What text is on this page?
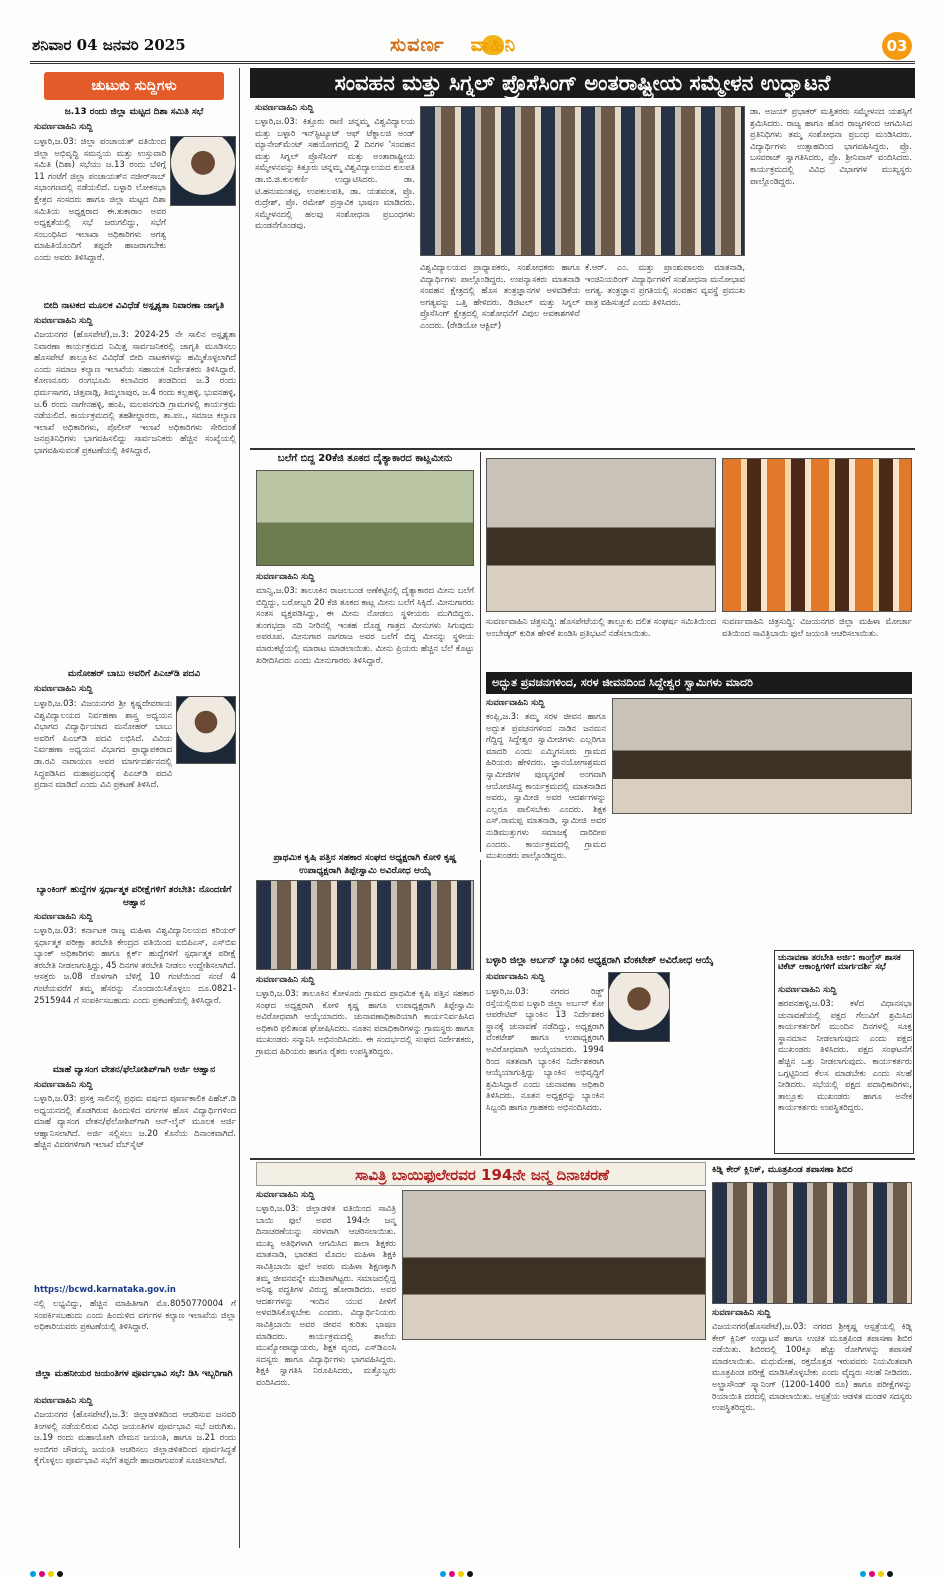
ಶನಿವಾರ 04 ಜನವರಿ 2025	ಸುವರ್ಣ ವಾಹಿನಿ	03
ಚುಟುಕು ಸುದ್ದಿಗಳು
ಜ.13 ರಂದು ಜಿಲ್ಲಾ ಮಟ್ಟದ ದಿಶಾ ಸಮಿತಿ ಸಭೆ
ಸುವರ್ಣವಾಹಿನಿ ಸುದ್ದಿ
ಬಳ್ಳಾರಿ,ಜ.03: ಜಿಲ್ಲಾ ಪಂಚಾಯತ್ ವತಿಯಿಂದ ಜಿಲ್ಲಾ ಅಭಿವೃದ್ಧಿ ಸಮನ್ವಯ ಮತ್ತು ಉಸ್ತುವಾರಿ ಸಮಿತಿ (ದಿಶಾ) ಸಭೆಯು ಜ.13 ರಂದು ಬೆಳಿಗ್ಗೆ 11 ಗಂಟೆಗೆ ಜಿಲ್ಲಾ ಪಂಚಾಯತ್‌ನ ನಜೀರ್‌ಸಾಬ್ ಸಭಾಂಗಣದಲ್ಲಿ ನಡೆಯಲಿದೆ. ಬಳ್ಳಾರಿ ಲೋಕಸಭಾ ಕ್ಷೇತ್ರದ ಸಂಸದರು ಹಾಗೂ ಜಿಲ್ಲಾ ಮಟ್ಟದ ದಿಶಾ ಸಮಿತಿಯ ಅಧ್ಯಕ್ಷರಾದ ಈ.ತುಕಾರಾಂ ಅವರ ಅಧ್ಯಕ್ಷತೆಯಲ್ಲಿ ಸಭೆ ಜರುಗಲಿದ್ದು, ಸಭೆಗೆ ಸಂಬಂಧಿಸಿದ ಇಲಾಖಾ ಅಧಿಕಾರಿಗಳು ಅಗತ್ಯ ಮಾಹಿತಿಯೊಂದಿಗೆ ತಪ್ಪದೇ ಹಾಜರಾಗಬೇಕು ಎಂದು ಅವರು ತಿಳಿಸಿದ್ದಾರೆ.
ಬೀದಿ ನಾಟಕದ ಮೂಲಕ ವಿವಿಧೆಡೆ ಅಸ್ಪೃಶ್ಯತಾ ನಿವಾರಣಾ ಜಾಗೃತಿ
ಸುವರ್ಣವಾಹಿನಿ ಸುದ್ದಿ
ವಿಜಯನಗರ (ಹೊಸಪೇಟೆ),ಜ.3: 2024-25 ನೇ ಸಾಲಿನ ಅಸ್ಪೃಶ್ಯತಾ ನಿವಾರಣಾ ಕಾರ್ಯಕ್ರಮದ ನಿಮಿತ್ತ ಸಾರ್ವಜನಿಕರಲ್ಲಿ ಜಾಗೃತಿ ಮೂಡಿಸಲು ಹೊಸಪೇಟೆ ತಾಲ್ಲೂಕಿನ ವಿವಿಧೆಡೆ ಬೀದಿ ನಾಟಕಗಳನ್ನು ಹಮ್ಮಿಕೊಳ್ಳಲಾಗಿದೆ ಎಂದು ಸಮಾಜ ಕಲ್ಯಾಣ ಇಲಾಖೆಯ ಸಹಾಯಕ ನಿರ್ದೇಶಕರು ತಿಳಿಸಿದ್ದಾರೆ. ಕೋಣನೂರು ರಂಗಭೂಮಿ ಕಲಾವಿದರ ತಂಡದಿಂದ ಜ.3 ರಂದು ಧರ್ಮಸಾಗರ, ಚಿತ್ತವಾಡ್ಗಿ, ತಿಮ್ಮಲಾಪುರ, ಜ.4 ರಂದು ಕಲ್ಲಹಳ್ಳಿ, ಭುವನಹಳ್ಳಿ, ಜ.6 ರಂದು ನಾಗೇನಹಳ್ಳಿ, ಹಂಪಿ, ಮಲಪನಗುಡಿ ಗ್ರಾಮಗಳಲ್ಲಿ ಕಾರ್ಯಕ್ರಮ ನಡೆಯಲಿದೆ. ಕಾರ್ಯಕ್ರಮದಲ್ಲಿ ತಹಶೀಲ್ದಾರರು, ತಾ.ಪಂ., ಸಮಾಜ ಕಲ್ಯಾಣ ಇಲಾಖೆ ಅಧಿಕಾರಿಗಳು, ಪೊಲೀಸ್ ಇಲಾಖೆ ಅಧಿಕಾರಿಗಳು ಸೇರಿದಂತೆ ಜನಪ್ರತಿನಿಧಿಗಳು ಭಾಗವಹಿಸಲಿದ್ದು ಸಾರ್ವಜನಿಕರು ಹೆಚ್ಚಿನ ಸಂಖ್ಯೆಯಲ್ಲಿ ಭಾಗವಹಿಸುವಂತೆ ಪ್ರಕಟಣೆಯಲ್ಲಿ ತಿಳಿಸಿದ್ದಾರೆ.
ಮನೋಹರ್ ಬಾಬು ಅವರಿಗೆ ಪಿಎಚ್‌ಡಿ ಪದವಿ
ಸುವರ್ಣವಾಹಿನಿ ಸುದ್ದಿ
ಬಳ್ಳಾರಿ,ಜ.03: ವಿಜಯನಗರ ಶ್ರೀ ಕೃಷ್ಣದೇವರಾಯ ವಿಶ್ವವಿದ್ಯಾಲಯದ ನಿರ್ವಹಣಾ ಶಾಸ್ತ್ರ ಅಧ್ಯಯನ ವಿಭಾಗದ ವಿದ್ಯಾರ್ಥಿಯಾದ ಮನೋಹರ್ ಬಾಬು ಅವರಿಗೆ ಪಿಎಚ್‌ಡಿ ಪದವಿ ಲಭಿಸಿದೆ. ವಿವಿಯ ನಿರ್ವಹಣಾ ಅಧ್ಯಯನ ವಿಭಾಗದ ಪ್ರಾಧ್ಯಾಪಕರಾದ ಡಾ.ರವಿ ನಾರಾಯಣ ಅವರ ಮಾರ್ಗದರ್ಶನದಲ್ಲಿ ಸಿದ್ಧಪಡಿಸಿದ ಮಹಾಪ್ರಬಂಧಕ್ಕೆ ಪಿಎಚ್‌ಡಿ ಪದವಿ ಪ್ರದಾನ ಮಾಡಿದೆ ಎಂದು ವಿವಿ ಪ್ರಕಟಣೆ ತಿಳಿಸಿದೆ.
ಬ್ಯಾಂಕಿಂಗ್ ಹುದ್ದೆಗಳ ಸ್ಪರ್ಧಾತ್ಮಕ ಪರೀಕ್ಷೆಗಳಿಗೆ ತರಬೇತಿ: ನೊಂದಣಿಗೆ ಆಹ್ವಾನ
ಸುವರ್ಣವಾಹಿನಿ ಸುದ್ದಿ
ಬಳ್ಳಾರಿ,ಜ.03: ಕರ್ನಾಟಕ ರಾಜ್ಯ ಮಹಿಳಾ ವಿಶ್ವವಿದ್ಯಾನಿಲಯದ ಕರಿಯರ್ ಸ್ಪರ್ಧಾತ್ಮಕ ಪರೀಕ್ಷಾ ತರಬೇತಿ ಕೇಂದ್ರದ ವತಿಯಿಂದ ಐಬಿಪಿಎಸ್, ಎಸ್‌ಬಿಐ ಬ್ಯಾಂಕ್ ಅಧಿಕಾರಿಗಳು ಹಾಗೂ ಕ್ಲರ್ಕ್ ಹುದ್ದೆಗಳಿಗೆ ಸ್ಪರ್ಧಾತ್ಮಕ ಪರೀಕ್ಷೆ ತರಬೇತಿ ನೀಡಲಾಗುತ್ತಿದ್ದು, 45 ದಿನಗಳ ತರಬೇತಿ ನೀಡಲು ಉದ್ದೇಶಿಸಲಾಗಿದೆ. ಆಸಕ್ತರು ಜ.08 ರೊಳಗಾಗಿ ಬೆಳಿಗ್ಗೆ 10 ಗಂಟೆಯಿಂದ ಸಂಜೆ 4 ಗಂಟೆಯವರೆಗೆ ತಮ್ಮ ಹೆಸರನ್ನು ನೊಂದಾಯಿಸಿಕೊಳ್ಳಲು ದೂ.0821-2515944 ಗೆ ಸಂಪರ್ಕಿಸಬಹುದು ಎಂದು ಪ್ರಕಟಣೆಯಲ್ಲಿ ತಿಳಿಸಿದ್ದಾರೆ.
ಮಾಹೆ ವ್ಯಾಸಂಗ ವೇತನ/ಫೆಲೋಶಿಪ್‌ಗಾಗಿ ಅರ್ಜಿ ಆಹ್ವಾನ
ಸುವರ್ಣವಾಹಿನಿ ಸುದ್ದಿ
ಬಳ್ಳಾರಿ,ಜ.03: ಪ್ರಸಕ್ತ ಸಾಲಿನಲ್ಲಿ ಪ್ರಥಮ ವರ್ಷದ ಪೂರ್ಣಕಾಲಿಕ ಪಿಹೆಚ್.ಡಿ ಅಧ್ಯಯನದಲ್ಲಿ ತೊಡಗಿರುವ ಹಿಂದುಳಿದ ವರ್ಗಗಳ ಹೊಸ ವಿದ್ಯಾರ್ಥಿಗಳಿಂದ ಮಾಹೆ ವ್ಯಾಸಂಗ ವೇತನ/ಫೆಲೋಶಿಪ್‌ಗಾಗಿ ಆನ್-ಲೈನ್ ಮೂಲಕ ಅರ್ಜಿ ಆಹ್ವಾನಿಸಲಾಗಿದೆ. ಅರ್ಜಿ ಸಲ್ಲಿಸಲು ಜ.20 ಕೊನೆಯ ದಿನಾಂಕವಾಗಿದೆ. ಹೆಚ್ಚಿನ ವಿವರಗಳಿಗಾಗಿ ಇಲಾಖೆ ವೆಬ್‌ಸೈಟ್
https://bcwd.karnataka.gov.in
ನಲ್ಲಿ ಲಭ್ಯವಿದ್ದು, ಹೆಚ್ಚಿನ ಮಾಹಿತಿಗಾಗಿ ಮೊ.8050770004 ಗೆ ಸಂಪರ್ಕಿಸಬಹುದು ಎಂದು ಹಿಂದುಳಿದ ವರ್ಗಗಳ ಕಲ್ಯಾಣ ಇಲಾಖೆಯ ಜಿಲ್ಲಾ ಅಧಿಕಾರಿಯವರು ಪ್ರಕಟಣೆಯಲ್ಲಿ ತಿಳಿಸಿದ್ದಾರೆ.
ಜಿಲ್ಲಾ ಮಹನೀಯರ ಜಯಂತಿಗಳ ಪೂರ್ವಭಾವಿ ಸಭೆ: ಡಿಸಿ ಇಬ್ಬರಿಗಾಗಿ
ಸುವರ್ಣವಾಹಿನಿ ಸುದ್ದಿ
ವಿಜಯನಗರ (ಹೊಸಪೇಟೆ),ಜ.3: ಜಿಲ್ಲಾಡಳಿತದಿಂದ ಆಚರಿಸುವ ಜನವರಿ ತಿಂಗಳಲ್ಲಿ ನಡೆಯಲಿರುವ ವಿವಿಧ ಜಯಂತಿಗಳ ಪೂರ್ವಭಾವಿ ಸಭೆ ಜರುಗಿತು. ಜ.19 ರಂದು ಮಹಾಯೋಗಿ ವೇಮನ ಜಯಂತಿ, ಹಾಗೂ ಜ.21 ರಂದು ಅಂಬಿಗರ ಚೌಡಯ್ಯ ಜಯಂತಿ ಆಚರಿಸಲು ಜಿಲ್ಲಾಡಳಿತದಿಂದ ಪೂರ್ವಸಿದ್ಧತೆ ಕೈಗೊಳ್ಳಲು ಪೂರ್ವಭಾವಿ ಸಭೆಗೆ ತಪ್ಪದೇ ಹಾಜರಾಗುವಂತೆ ಸೂಚಿಸಲಾಗಿದೆ.
ಸಂವಹನ ಮತ್ತು ಸಿಗ್ನಲ್ ಪ್ರೊಸೆಸಿಂಗ್ ಅಂತರಾಷ್ಟ್ರೀಯ ಸಮ್ಮೇಳನ ಉದ್ಘಾಟನೆ
ಸುವರ್ಣವಾಹಿನಿ ಸುದ್ದಿ
ಬಳ್ಳಾರಿ,ಜ.03: ಕಿತ್ತೂರು ರಾಣಿ ಚನ್ನಮ್ಮ ವಿಶ್ವವಿದ್ಯಾಲಯ ಮತ್ತು ಬಳ್ಳಾರಿ ಇನ್‌ಸ್ಟಿಟ್ಯೂಟ್ ಆಫ್ ಟೆಕ್ನಾಲಜಿ ಅಂಡ್ ಮ್ಯಾನೇಜ್‌ಮೆಂಟ್ ಸಹಯೋಗದಲ್ಲಿ 2 ದಿನಗಳ 'ಸಂವಹನ ಮತ್ತು ಸಿಗ್ನಲ್ ಪ್ರೊಸೆಸಿಂಗ್ ಮತ್ತು ಅಂತಾರಾಷ್ಟ್ರೀಯ ಸಮ್ಮೇಳನವನ್ನು ಕಿತ್ತೂರು ಚನ್ನಮ್ಮ ವಿಶ್ವವಿದ್ಯಾಲಯದ ಕುಲಪತಿ ಡಾ.ಬಿ.ಜಿ.ಕುಲಕರ್ಣಿ ಉದ್ಘಾಟಿಸಿದರು. ಡಾ. ಟಿ.ಹನುಮಂತಪ್ಪ, ಉಪಕುಲಪತಿ, ಡಾ. ಯಶವಂತ, ಪ್ರೊ. ರುದ್ರೇಶ್, ಪ್ರೊ. ರಮೇಶ್ ಪ್ರಸ್ತಾವಿಕ ಭಾಷಣ ಮಾಡಿದರು. ಸಮ್ಮೇಳನದಲ್ಲಿ ಹಲವು ಸಂಶೋಧನಾ ಪ್ರಬಂಧಗಳು ಮಂಡನೆಗೊಂಡವು.
ವಿಶ್ವವಿದ್ಯಾಲಯದ ಪ್ರಾಧ್ಯಾಪಕರು, ಸಂಶೋಧಕರು ಹಾಗೂ ವಿದ್ಯಾರ್ಥಿಗಳು ಪಾಲ್ಗೊಂಡಿದ್ದರು. ಉಪನ್ಯಾಸಕರು ಮಾತನಾಡಿ ಸಂವಹನ ಕ್ಷೇತ್ರದಲ್ಲಿ ಹೊಸ ತಂತ್ರಜ್ಞಾನಗಳ ಅಳವಡಿಕೆಯ ಅಗತ್ಯವನ್ನು ಒತ್ತಿ ಹೇಳಿದರು. ಡಿಜಿಟಲ್ ಮತ್ತು ಸಿಗ್ನಲ್ ಪ್ರೊಸೆಸಿಂಗ್ ಕ್ಷೇತ್ರದಲ್ಲಿ ಸಂಶೋಧನೆಗೆ ವಿಪುಲ ಅವಕಾಶಗಳಿವೆ ಎಂದರು. (ರೇಡಿಯೋ ಆಕ್ಟಿವ್)
ಕೆ.ಆರ್‌. ಎಂ. ಮತ್ತು ಪ್ರಾಂಶುಪಾಲರು ಮಾತನಾಡಿ, ಇಂಜಿನಿಯರಿಂಗ್ ವಿದ್ಯಾರ್ಥಿಗಳಿಗೆ ಸಂಶೋಧನಾ ಮನೋಭಾವ ಅಗತ್ಯ. ತಂತ್ರಜ್ಞಾನ ಪ್ರಗತಿಯಲ್ಲಿ ಸಂವಹನ ವ್ಯವಸ್ಥೆ ಪ್ರಮುಖ ಪಾತ್ರ ವಹಿಸುತ್ತದೆ ಎಂದು ತಿಳಿಸಿದರು.
ಡಾ. ಅಜಯ್ ಪ್ರಭಾಕರ್ ಮತ್ತಿತರರು ಸಮ್ಮೇಳನದ ಯಶಸ್ಸಿಗೆ ಶ್ರಮಿಸಿದರು. ರಾಜ್ಯ ಹಾಗೂ ಹೊರ ರಾಜ್ಯಗಳಿಂದ ಆಗಮಿಸಿದ ಪ್ರತಿನಿಧಿಗಳು ತಮ್ಮ ಸಂಶೋಧನಾ ಪ್ರಬಂಧ ಮಂಡಿಸಿದರು. ವಿದ್ಯಾರ್ಥಿಗಳು ಉತ್ಸಾಹದಿಂದ ಭಾಗವಹಿಸಿದ್ದರು. ಪ್ರೊ. ಬಸವರಾಜ್ ಸ್ವಾಗತಿಸಿದರು, ಪ್ರೊ. ಶ್ರೀನಿವಾಸ್ ವಂದಿಸಿದರು. ಕಾರ್ಯಕ್ರಮದಲ್ಲಿ ವಿವಿಧ ವಿಭಾಗಗಳ ಮುಖ್ಯಸ್ಥರು ಪಾಲ್ಗೊಂಡಿದ್ದರು.
ಬಲೆಗೆ ಬಿದ್ದ 20ಕೆಜಿ ತೂಕದ ದೈತ್ಯಾಕಾರದ ಕಾಟ್ಲಮೀನು
ಸುವರ್ಣವಾಹಿನಿ ಸುದ್ದಿ
ಮಾನ್ವಿ,ಜ.03: ತಾಲೂಕಿನ ರಾಜಲಬಂಡ ಅಣೆಕಟ್ಟಿನಲ್ಲಿ ದೈತ್ಯಾಕಾರದ ಮೀನು ಬಲೆಗೆ ಬಿದ್ದಿದ್ದು, ಬರೋಬ್ಬರಿ 20 ಕೆಜಿ ತೂಕದ ಕಾಟ್ಲ ಮೀನು ಬಲೆಗೆ ಸಿಕ್ಕಿದೆ. ಮೀನುಗಾರರು ಸಂತಸ ವ್ಯಕ್ತಪಡಿಸಿದ್ದು, ಈ ಮೀನು ನೋಡಲು ಸ್ಥಳೀಯರು ಮುಗಿಬಿದ್ದರು. ತುಂಗಭದ್ರಾ ನದಿ ನೀರಿನಲ್ಲಿ ಇಂತಹ ದೊಡ್ಡ ಗಾತ್ರದ ಮೀನುಗಳು ಸಿಗುವುದು ಅಪರೂಪ. ಮೀನುಗಾರ ನಾಗರಾಜ ಅವರ ಬಲೆಗೆ ಬಿದ್ದ ಮೀನನ್ನು ಸ್ಥಳೀಯ ಮಾರುಕಟ್ಟೆಯಲ್ಲಿ ಮಾರಾಟ ಮಾಡಲಾಯಿತು. ಮೀನು ಪ್ರಿಯರು ಹೆಚ್ಚಿನ ಬೆಲೆ ಕೊಟ್ಟು ಖರೀದಿಸಿದರು ಎಂದು ಮೀನುಗಾರರು ತಿಳಿಸಿದ್ದಾರೆ.
ಸುವರ್ಣವಾಹಿನಿ ಚಿತ್ರಸುದ್ದಿ: ಹೊಸಪೇಟೆಯಲ್ಲಿ ತಾಲ್ಲೂಕು ದಲಿತ ಸಂಘರ್ಷ ಸಮಿತಿಯಿಂದ ಅಂಬೇಡ್ಕರ್ ಕುರಿತ ಹೇಳಿಕೆ ಖಂಡಿಸಿ ಪ್ರತಿಭಟನೆ ನಡೆಸಲಾಯಿತು.
ಸುವರ್ಣವಾಹಿನಿ ಚಿತ್ರಸುದ್ದಿ: ವಿಜಯನಗರ ಜಿಲ್ಲಾ ಮಹಿಳಾ ಮೋರ್ಚಾ ವತಿಯಿಂದ ಸಾವಿತ್ರಿಬಾಯಿ ಫುಲೆ ಜಯಂತಿ ಆಚರಿಸಲಾಯಿತು.
ಅದ್ಭುತ ಪ್ರವಚನಗಳಿಂದ, ಸರಳ ಜೀವನದಿಂದ ಸಿದ್ದೇಶ್ವರ ಸ್ವಾಮಿಗಳು ಮಾದರಿ
ಸುವರ್ಣವಾಹಿನಿ ಸುದ್ದಿ
ಕಂಪ್ಲಿ,ಜ.3: ತಮ್ಮ ಸರಳ ಜೀವನ ಹಾಗೂ ಅದ್ಭುತ ಪ್ರವಚನಗಳಿಂದ ನಾಡಿನ ಜನಮನ ಗೆದ್ದಿದ್ದ ಸಿದ್ದೇಶ್ವರ ಸ್ವಾಮೀಜಿಗಳು ಎಲ್ಲರಿಗೂ ಮಾದರಿ ಎಂದು ಎಮ್ಮಿಗನೂರು ಗ್ರಾಮದ ಹಿರಿಯರು ಹೇಳಿದರು. ಜ್ಞಾನಯೋಗಾಶ್ರಮದ ಸ್ವಾಮೀಜಿಗಳ ಪುಣ್ಯಸ್ಮರಣೆ ಅಂಗವಾಗಿ ಆಯೋಜಿಸಿದ್ದ ಕಾರ್ಯಕ್ರಮದಲ್ಲಿ ಮಾತನಾಡಿದ ಅವರು, ಸ್ವಾಮೀಜಿ ಅವರ ಆದರ್ಶಗಳನ್ನು ಎಲ್ಲರೂ ಪಾಲಿಸಬೇಕು ಎಂದರು. ಶಿಕ್ಷಕ ಎಸ್.ರಾಮಪ್ಪ ಮಾತನಾಡಿ, ಸ್ವಾಮೀಜಿ ಅವರ ನುಡಿಮುತ್ತುಗಳು ಸಮಾಜಕ್ಕೆ ದಾರಿದೀಪ ಎಂದರು. ಕಾರ್ಯಕ್ರಮದಲ್ಲಿ ಗ್ರಾಮದ ಮುಖಂಡರು ಪಾಲ್ಗೊಂಡಿದ್ದರು.
ಪ್ರಾಥಮಿಕ ಕೃಷಿ ಪತ್ತಿನ ಸಹಕಾರ ಸಂಘದ ಅಧ್ಯಕ್ಷರಾಗಿ ಕೋಳಿ ಕೃಷ್ಣ ಉಪಾಧ್ಯಕ್ಷರಾಗಿ ತಿಪ್ಪೇಸ್ವಾಮಿ ಅವಿರೋಧ ಆಯ್ಕೆ
ಸುವರ್ಣವಾಹಿನಿ ಸುದ್ದಿ
ಬಳ್ಳಾರಿ,ಜ.03: ತಾಲೂಕಿನ ಕೋಳೂರು ಗ್ರಾಮದ ಪ್ರಾಥಮಿಕ ಕೃಷಿ ಪತ್ತಿನ ಸಹಕಾರ ಸಂಘದ ಅಧ್ಯಕ್ಷರಾಗಿ ಕೋಳಿ ಕೃಷ್ಣ ಹಾಗೂ ಉಪಾಧ್ಯಕ್ಷರಾಗಿ ತಿಪ್ಪೇಸ್ವಾಮಿ ಅವಿರೋಧವಾಗಿ ಆಯ್ಕೆಯಾದರು. ಚುನಾವಣಾಧಿಕಾರಿಯಾಗಿ ಕಾರ್ಯನಿರ್ವಹಿಸಿದ ಅಧಿಕಾರಿ ಫಲಿತಾಂಶ ಘೋಷಿಸಿದರು. ನೂತನ ಪದಾಧಿಕಾರಿಗಳನ್ನು ಗ್ರಾಮಸ್ಥರು ಹಾಗೂ ಮುಖಂಡರು ಸನ್ಮಾನಿಸಿ ಅಭಿನಂದಿಸಿದರು. ಈ ಸಂದರ್ಭದಲ್ಲಿ ಸಂಘದ ನಿರ್ದೇಶಕರು, ಗ್ರಾಮದ ಹಿರಿಯರು ಹಾಗೂ ರೈತರು ಉಪಸ್ಥಿತರಿದ್ದರು.
ಬಳ್ಳಾರಿ ಜಿಲ್ಲಾ ಅರ್ಬನ್ ಬ್ಯಾಂಕಿನ ಅಧ್ಯಕ್ಷರಾಗಿ ವೆಂಕಟೇಶ್ ಅವಿರೋಧ ಆಯ್ಕೆ
ಸುವರ್ಣವಾಹಿನಿ ಸುದ್ದಿ
ಬಳ್ಳಾರಿ,ಜ.03: ನಗರದ ರಿಡ್ಜ್ ರಸ್ತೆಯಲ್ಲಿರುವ ಬಳ್ಳಾರಿ ಜಿಲ್ಲಾ ಅರ್ಬನ್ ಕೋ ಆಪರೇಟಿವ್ ಬ್ಯಾಂಕಿನ 13 ನಿರ್ದೇಶಕರ ಸ್ಥಾನಕ್ಕೆ ಚುನಾವಣೆ ನಡೆದಿದ್ದು, ಅಧ್ಯಕ್ಷರಾಗಿ ವೆಂಕಟೇಶ್ ಹಾಗೂ ಉಪಾಧ್ಯಕ್ಷರಾಗಿ ಅವಿರೋಧವಾಗಿ ಆಯ್ಕೆಯಾದರು. 1994 ರಿಂದ ಸತತವಾಗಿ ಬ್ಯಾಂಕಿನ ನಿರ್ದೇಶಕರಾಗಿ ಆಯ್ಕೆಯಾಗುತ್ತಿದ್ದು ಬ್ಯಾಂಕಿನ ಅಭಿವೃದ್ಧಿಗೆ ಶ್ರಮಿಸಿದ್ದಾರೆ ಎಂದು ಚುನಾವಣಾ ಅಧಿಕಾರಿ ತಿಳಿಸಿದರು. ನೂತನ ಅಧ್ಯಕ್ಷರನ್ನು ಬ್ಯಾಂಕಿನ ಸಿಬ್ಬಂದಿ ಹಾಗೂ ಗ್ರಾಹಕರು ಅಭಿನಂದಿಸಿದರು.
ಚುನಾವಣಾ ತರಬೇತಿ ಅರ್ಜಿ: ಕಾಂಗ್ರೆಸ್ ಶಾಸಕ ಟಿಕೆಟ್ ಆಕಾಂಕ್ಷಿಗಳಿಗೆ ಮಾರ್ಗದರ್ಶಿ ಸಭೆ
ಸುವರ್ಣವಾಹಿನಿ ಸುದ್ದಿ
ಹರಪನಹಳ್ಳಿ,ಜ.03: ಕಳೆದ ವಿಧಾನಸಭಾ ಚುನಾವಣೆಯಲ್ಲಿ ಪಕ್ಷದ ಗೆಲುವಿಗೆ ಶ್ರಮಿಸಿದ ಕಾರ್ಯಕರ್ತರಿಗೆ ಮುಂದಿನ ದಿನಗಳಲ್ಲಿ ಸೂಕ್ತ ಸ್ಥಾನಮಾನ ನೀಡಲಾಗುವುದು ಎಂದು ಪಕ್ಷದ ಮುಖಂಡರು ತಿಳಿಸಿದರು. ಪಕ್ಷದ ಸಂಘಟನೆಗೆ ಹೆಚ್ಚಿನ ಒತ್ತು ನೀಡಲಾಗುವುದು. ಕಾರ್ಯಕರ್ತರು ಒಗ್ಗಟ್ಟಿನಿಂದ ಕೆಲಸ ಮಾಡಬೇಕು ಎಂದು ಸಲಹೆ ನೀಡಿದರು. ಸಭೆಯಲ್ಲಿ ಪಕ್ಷದ ಪದಾಧಿಕಾರಿಗಳು, ತಾಲ್ಲೂಕು ಮುಖಂಡರು ಹಾಗೂ ಅನೇಕ ಕಾರ್ಯಕರ್ತರು ಉಪಸ್ಥಿತರಿದ್ದರು.
ಸಾವಿತ್ರಿ ಬಾಯಿಫುಲೇರವರ 194ನೇ ಜನ್ಮ ದಿನಾಚರಣೆ
ಸುವರ್ಣವಾಹಿನಿ ಸುದ್ದಿ
ಬಳ್ಳಾರಿ,ಜ.03: ಜಿಲ್ಲಾಡಳಿತ ವತಿಯಿಂದ ಸಾವಿತ್ರಿ ಬಾಯಿ ಫುಲೆ ಅವರ 194ನೇ ಜನ್ಮ ದಿನಾಚರಣೆಯನ್ನು ಸರಳವಾಗಿ ಆಚರಿಸಲಾಯಿತು. ಮುಖ್ಯ ಅತಿಥಿಗಳಾಗಿ ಆಗಮಿಸಿದ ಶಾಲಾ ಶಿಕ್ಷಕರು ಮಾತನಾಡಿ, ಭಾರತದ ಮೊದಲ ಮಹಿಳಾ ಶಿಕ್ಷಕಿ ಸಾವಿತ್ರಿಬಾಯಿ ಫುಲೆ ಅವರು ಮಹಿಳಾ ಶಿಕ್ಷಣಕ್ಕಾಗಿ ತಮ್ಮ ಜೀವನವನ್ನೇ ಮುಡಿಪಾಗಿಟ್ಟರು. ಸಮಾಜದಲ್ಲಿದ್ದ ಅನಿಷ್ಟ ಪದ್ಧತಿಗಳ ವಿರುದ್ಧ ಹೋರಾಡಿದರು. ಅವರ ಆದರ್ಶಗಳನ್ನು ಇಂದಿನ ಯುವ ಪೀಳಿಗೆ ಅಳವಡಿಸಿಕೊಳ್ಳಬೇಕು ಎಂದರು. ವಿದ್ಯಾರ್ಥಿನಿಯರು ಸಾವಿತ್ರಿಬಾಯಿ ಅವರ ಜೀವನ ಕುರಿತು ಭಾಷಣ ಮಾಡಿದರು. ಕಾರ್ಯಕ್ರಮದಲ್ಲಿ ಶಾಲೆಯ ಮುಖ್ಯೋಪಾಧ್ಯಾಯರು, ಶಿಕ್ಷಕ ವೃಂದ, ಎಸ್‌ಡಿಎಂಸಿ ಸದಸ್ಯರು ಹಾಗೂ ವಿದ್ಯಾರ್ಥಿಗಳು ಭಾಗವಹಿಸಿದ್ದರು. ಶಿಕ್ಷಕಿ ಸ್ವಾಗತಿಸಿ ನಿರೂಪಿಸಿದರು, ಮತ್ತೊಬ್ಬರು ವಂದಿಸಿದರು.
ಕಿಡ್ನಿ ಕೇರ್ ಕ್ಲಿನಿಕ್, ಮೂತ್ರಪಿಂಡ ತಪಾಸಣಾ ಶಿಬಿರ
ಸುವರ್ಣವಾಹಿನಿ ಸುದ್ದಿ
ವಿಜಯನಗರ(ಹೊಸಪೇಟೆ),ಜ.03: ನಗರದ ಶ್ರೀಕೃಷ್ಣ ಆಸ್ಪತ್ರೆಯಲ್ಲಿ ಕಿಡ್ನಿ ಕೇರ್ ಕ್ಲಿನಿಕ್ ಉದ್ಘಾಟನೆ ಹಾಗೂ ಉಚಿತ ಮೂತ್ರಪಿಂಡ ತಪಾಸಣಾ ಶಿಬಿರ ನಡೆಯಿತು. ಶಿಬಿರದಲ್ಲಿ 100ಕ್ಕೂ ಹೆಚ್ಚು ರೋಗಿಗಳನ್ನು ತಪಾಸಣೆ ಮಾಡಲಾಯಿತು. ಮಧುಮೇಹ, ರಕ್ತದೊತ್ತಡ ಇರುವವರು ನಿಯಮಿತವಾಗಿ ಮೂತ್ರಪಿಂಡ ಪರೀಕ್ಷೆ ಮಾಡಿಸಿಕೊಳ್ಳಬೇಕು ಎಂದು ವೈದ್ಯರು ಸಲಹೆ ನೀಡಿದರು. ಅಲ್ಟ್ರಾಸೌಂಡ್ ಸ್ಕ್ಯಾನಿಂಗ್ (1200-1400 ರೂ) ಹಾಗೂ ಪರೀಕ್ಷೆಗಳನ್ನು ರಿಯಾಯಿತಿ ದರದಲ್ಲಿ ಮಾಡಲಾಯಿತು. ಆಸ್ಪತ್ರೆಯ ಆಡಳಿತ ಮಂಡಳಿ ಸದಸ್ಯರು ಉಪಸ್ಥಿತರಿದ್ದರು.
